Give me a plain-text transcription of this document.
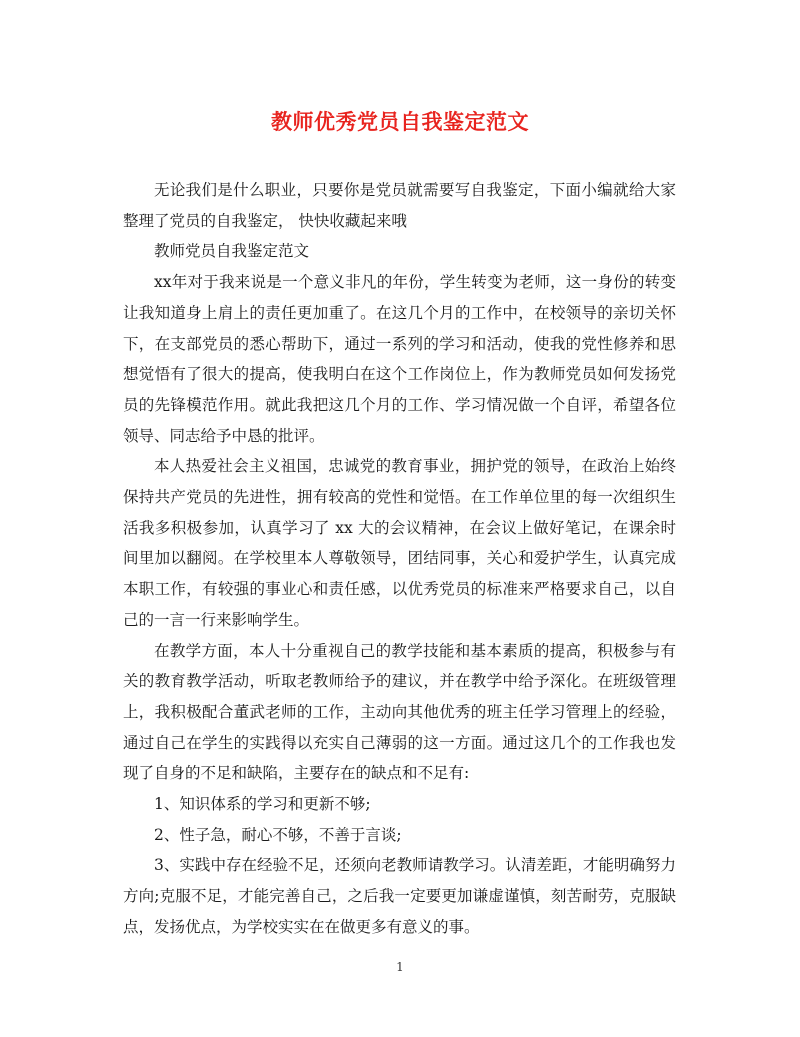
教师优秀党员自我鉴定范文

无论我们是什么职业，只要你是党员就需要写自我鉴定，下面小编就给大家整理了党员的自我鉴定， 快快收藏起来哦

教师党员自我鉴定范文

xx年对于我来说是一个意义非凡的年份，学生转变为老师，这一身份的转变让我知道身上肩上的责任更加重了。在这几个月的工作中，在校领导的亲切关怀下，在支部党员的悉心帮助下，通过一系列的学习和活动，使我的党性修养和思想觉悟有了很大的提高，使我明白在这个工作岗位上，作为教师党员如何发扬党员的先锋模范作用。就此我把这几个月的工作、学习情况做一个自评，希望各位领导、同志给予中恳的批评。

本人热爱社会主义祖国，忠诚党的教育事业，拥护党的领导，在政治上始终保持共产党员的先进性，拥有较高的党性和觉悟。在工作单位里的每一次组织生活我多积极参加，认真学习了 xx 大的会议精神，在会议上做好笔记，在课余时间里加以翻阅。在学校里本人尊敬领导，团结同事，关心和爱护学生，认真完成本职工作，有较强的事业心和责任感，以优秀党员的标准来严格要求自己，以自己的一言一行来影响学生。

在教学方面，本人十分重视自己的教学技能和基本素质的提高，积极参与有关的教育教学活动，听取老教师给予的建议，并在教学中给予深化。在班级管理上，我积极配合董武老师的工作，主动向其他优秀的班主任学习管理上的经验，通过自己在学生的实践得以充实自己薄弱的这一方面。通过这几个的工作我也发现了自身的不足和缺陷，主要存在的缺点和不足有:

1、知识体系的学习和更新不够;

2、性子急，耐心不够，不善于言谈;

3、实践中存在经验不足，还须向老教师请教学习。认清差距，才能明确努力方向;克服不足，才能完善自己，之后我一定要更加谦虚谨慎，刻苦耐劳，克服缺点，发扬优点，为学校实实在在做更多有意义的事。

1
